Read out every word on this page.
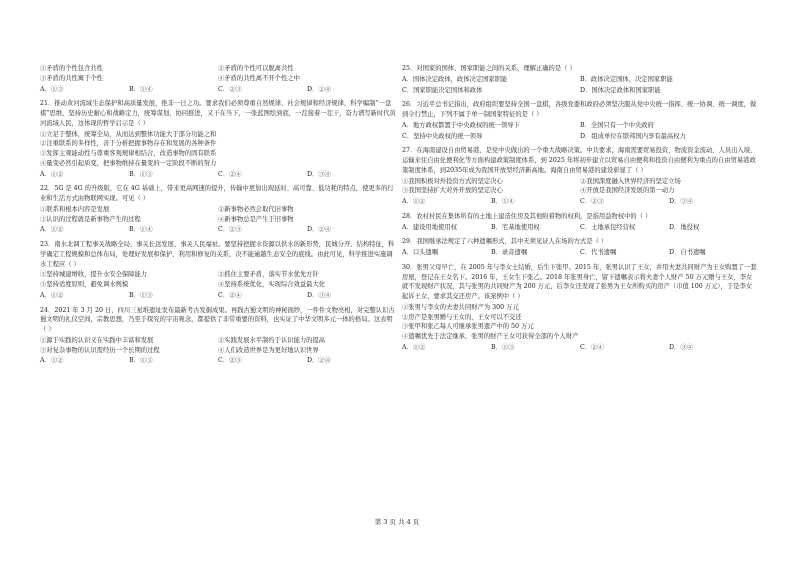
①矛盾的个性包含共性	②矛盾的个性可以脱离共性
③矛盾的共性寓于个性	④矛盾的共性离不开个性之中
A．①③	B．①④	C．②③	D．②④
21．推动黄河流域生态保护和高质量发展，绝非一日之功。要求我们必须尊重自然规律、社会规律和经济规律，科学编制“一盘棋”思维，坚持历史耐心和战略定力，统筹谋划、协同推进，又干在当下，一张蓝图绘到底，一茬接着一茬干，奋力谱写新时代黄河流域人民，这体现的哲学启示是（ ）
①立足于整体，统筹全局，从而达到整体功能大于部分功能之和
②注重联系的多样性，善于分析把握事物存在和发展的各种条件
③发挥主观能动性与尊重客观规律相结合，改造事物的固有联系
④量变必然引起质变，把事物维持在量变的一定阶段不断的努力
A．①②	B．①③	C．②④	D．③④
22．5G 是 4G 的升级版，它在 4G 基础上，带来更高网速的提升，传输中更加出现延时、高可靠、低功耗的特点，使更多的行业和生活方式由物联网实现。可见（ ）
①联系和根本内容是发展	②新事物必然会取代旧事物
③认识的过程就是新事物产生的过程	④新事物总是产生于旧事物
A．①②	B．①④	C．②③	D．②④
23．南水北调工程事关战略全局、事关长远发展、事关人民福祉。要坚持把握水资源以供水的新形势，民城分开、结构特征，科学确定工程规模和总体布局，处理好发展和保护、利用和修复的关系，决不能逾越生态安全的底线。由此可见，科学推进实施调水工程应（ ）
①坚持城建增收，提升水安全保障能力	②抓住主要矛盾，落实节水优先方针
③坚持适度原则，避免调水规模	④坚持系统优化，实现综合效益最大化
A．①②	B．①③	C．②④	D．③④
24．2021 年 3 月 20 日，四川三星堆遗址发布最新考古发掘成果。再践古蜀文明的神秘面纱，一件件文物亮相，对完整认识古蜀文明的礼仪空间，宗教思想，乃至于探究的宇宙观念，都提供了非常重要的资料，也实证了中华文明多元一体的格局。这表明（ ）
①源于实践的认识又在实践中丰富和发展	②实践发展水平制约于认识能力的提高
③对复杂事物的认识需经历一个长期的过程	④人们改造世界是为更好地认识世界
A．①②	B．①③	C．②③	D．②④
25．对国家的国体、国家职能之间的关系，理解正确的是（ ）
A．国体决定政体，政体决定国家职能	B．政体决定国体，决定国家职能
C．国家职能决定国体和政体	D．国体决定政体和国家职能
26．习近平总书记指出，政府组织要坚持全国一盘棋，各级党委和政府必须坚决服从党中央统一指挥、统一协调、统一调度，做到令行禁止，下列不属于单一制国家特征的是（ ）
A．地方政权都置于中央政权的统一领导下	B．全国只有一个中央政府
C．坚持中央政权的统一领导	D．组成单位在联邦国内享有最高权力
27．在海南建设自由贸易港，是党中央做出的一个重大战略决策。中共要求，海南需要贸易投资、物流资金流动、人员出入境、运输来往自由化便利化等方面构建政策制度体系，到 2025 年将初步建立以贸易自由便利和投资自由便利为重点的自由贸易港政策制度体系，到2035年成为我国开放型经济新高地。海南自由贸易港的建设彰显了（ ）
①我国积极对外投资方式的坚定决心	②我国深度融入世界经济的坚定立场
③我国坚持扩大对外开放的坚定决心	④开放是我国经济发展的第一动力
A．①②	B．①④	C．②③	D．③④
28．农村村民在集体所有的土地上建造住房及其他附着物的权利，是指用益物权中的（ ）
A．建设用地使用权	B．宅基地使用权	C．土地承包经营权	D．地役权
29．我国继承法规定了六种遗嘱形式，其中无须见证人在场的方式是（ ）
A．口头遗嘱	B．录音遗嘱	C．代书遗嘱	D．自书遗嘱
30．张男父母早亡，在 2005 年与李女士结婚，后生下张甲。2015 年，张男认识了王女，并用夫妻共同财产为王女购置了一套房屋，登记在王女名下。2016 年，王女生下张乙。2018 年张男身亡，留下遗嘱表示将夫妻个人财产 50 万元赠与王女，李女就不发现财产状况，其与张男的共同财产为 200 万元，后李女还发现了张男为王女所购买的房产（市值 100 万元），于是李女起诉王女，要求其交还房产。该案例中（ ）
①张男与李女的夫妻共同财产为 300 万元
②房产是张男赠与王女的，王女可以不交还
③张甲和张乙每人可继承张男遗产中的 50 万元
④遗嘱优先于法定继承，张男的财产王女可获得全部的个人财产
A．①②	B．①③	C．②④	D．③④
第 3 页 共 4 页
